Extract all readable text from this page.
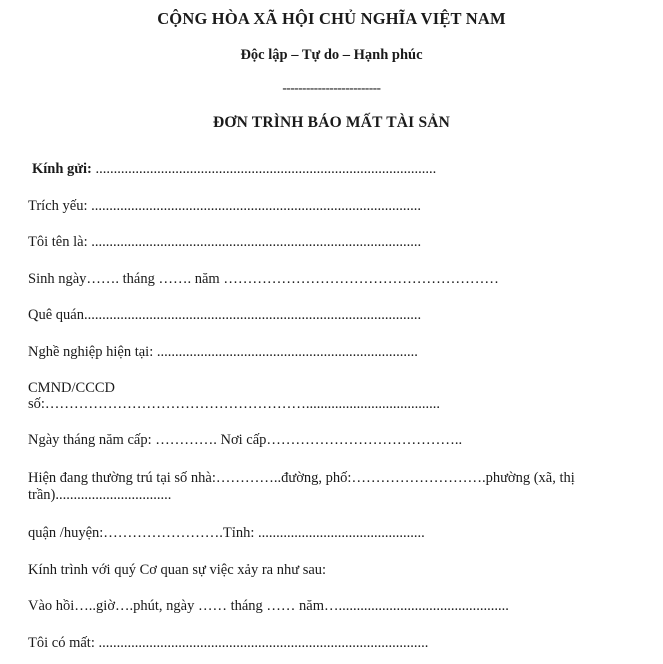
CỘNG HÒA XÃ HỘI CHỦ NGHĨA VIỆT NAM
Độc lập – Tự do – Hạnh phúc
-------------------------
ĐƠN TRÌNH BÁO MẤT TÀI SẢN
Kính gửi: ..............................................................................................
Trích yếu: ...........................................................................................
Tôi tên là: ...........................................................................................
Sinh ngày……. tháng ……. năm …………………………………………………
Quê quán.............................................................................................
Nghề nghiệp hiện tại: ........................................................................
CMND/CCCD
số:……………………………………………….....................................
Ngày tháng năm cấp: …………. Nơi cấp…………………………………..
Hiện đang thường trú tại số nhà:…………..đường, phố:……………………….phường (xã, thị trần)................................
quận /huyện:…………………….Tỉnh: ..............................................
Kính trình với quý Cơ quan sự việc xảy ra như sau:
Vào hồi…..giờ….phút, ngày …… tháng …… năm…...............................................
Tôi có mất: ...........................................................................................
